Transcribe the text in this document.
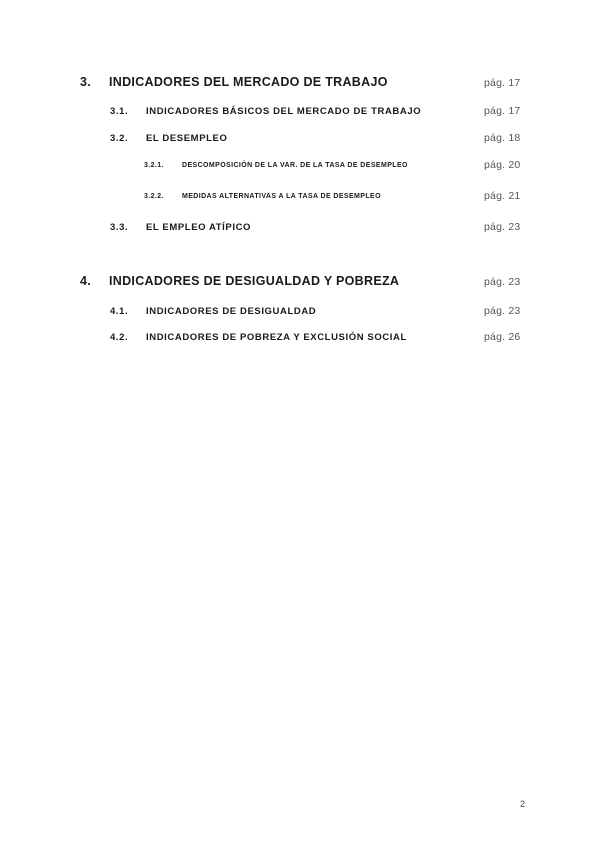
3. INDICADORES DEL MERCADO DE TRABAJO	pág. 17
3.1. INDICADORES BÁSICOS DEL MERCADO DE TRABAJO	pág. 17
3.2. EL DESEMPLEO	pág. 18
3.2.1.	DESCOMPOSICIÓN DE LA VAR. DE LA TASA DE DESEMPLEO	pág. 20
3.2.2.	MEDIDAS ALTERNATIVAS A LA TASA DE DESEMPLEO	pág. 21
3.3. EL EMPLEO ATÍPICO	pág. 23
4. INDICADORES DE DESIGUALDAD Y POBREZA	pág. 23
4.1. INDICADORES DE DESIGUALDAD	pág. 23
4.2. INDICADORES DE POBREZA Y EXCLUSIÓN SOCIAL	pág. 26
2
